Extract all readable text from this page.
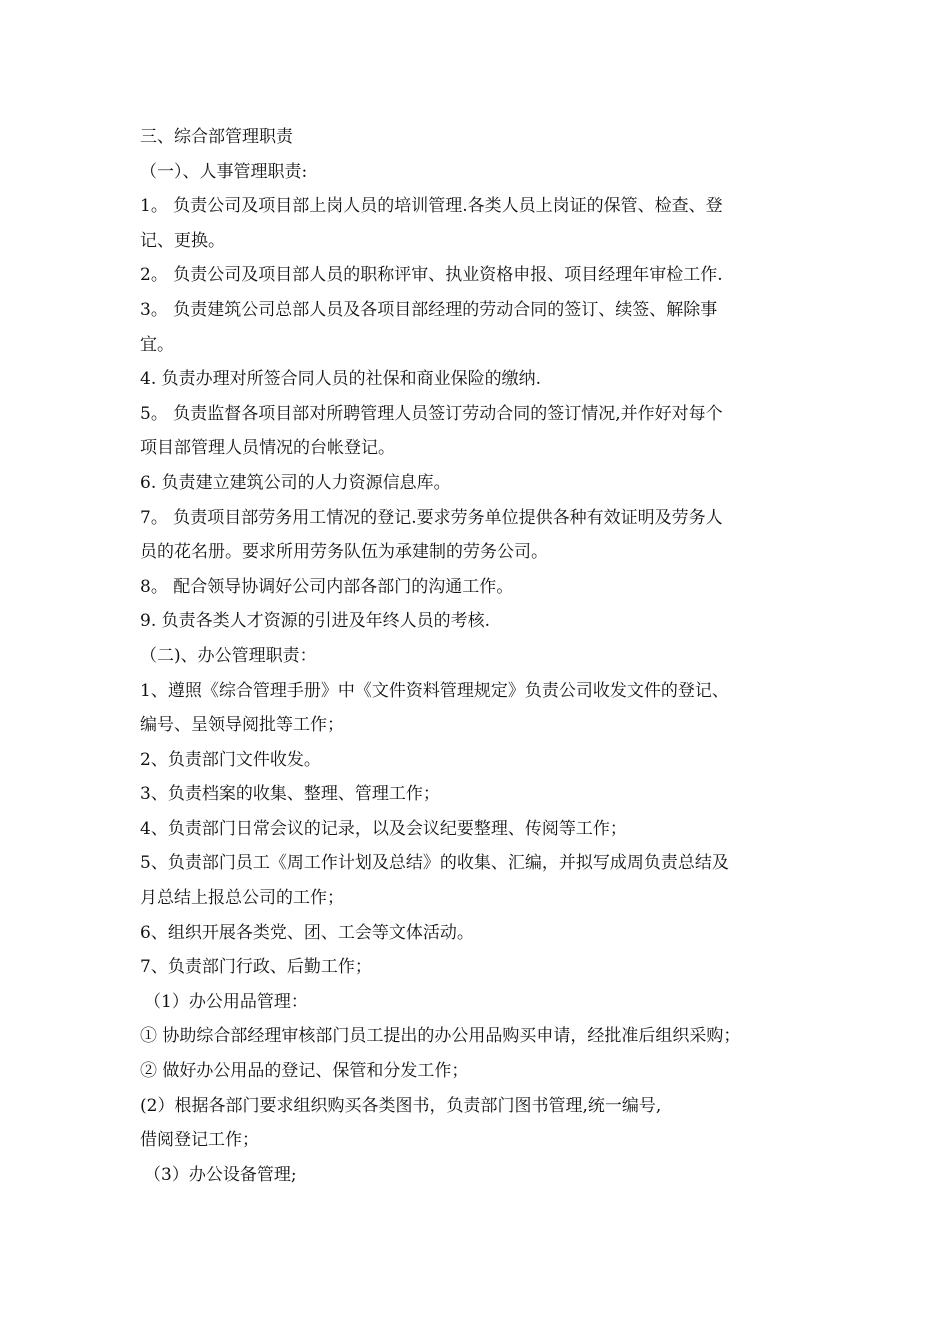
三、综合部管理职责
（一）、人事管理职责:
1。 负责公司及项目部上岗人员的培训管理.各类人员上岗证的保管、检查、登
记、更换。
2。 负责公司及项目部人员的职称评审、执业资格申报、项目经理年审检工作.
3。 负责建筑公司总部人员及各项目部经理的劳动合同的签订、续签、解除事
宜。
4. 负责办理对所签合同人员的社保和商业保险的缴纳.
5。 负责监督各项目部对所聘管理人员签订劳动合同的签订情况,并作好对每个
项目部管理人员情况的台帐登记。
6. 负责建立建筑公司的人力资源信息库。
7。 负责项目部劳务用工情况的登记.要求劳务单位提供各种有效证明及劳务人
员的花名册。要求所用劳务队伍为承建制的劳务公司。
8。 配合领导协调好公司内部各部门的沟通工作。
9. 负责各类人才资源的引进及年终人员的考核.
（二)、办公管理职责：
1、遵照《综合管理手册》中《文件资料管理规定》负责公司收发文件的登记、
编号、呈领导阅批等工作；
2、负责部门文件收发。
3、负责档案的收集、整理、管理工作；
4、负责部门日常会议的记录，以及会议纪要整理、传阅等工作；
5、负责部门员工《周工作计划及总结》的收集、汇编，并拟写成周负责总结及
月总结上报总公司的工作；
6、组织开展各类党、团、工会等文体活动。
7、负责部门行政、后勤工作；
（1）办公用品管理：
① 协助综合部经理审核部门员工提出的办公用品购买申请，经批准后组织采购；
② 做好办公用品的登记、保管和分发工作；
(2）根据各部门要求组织购买各类图书，负责部门图书管理,统一编号,
借阅登记工作；
（3）办公设备管理;
